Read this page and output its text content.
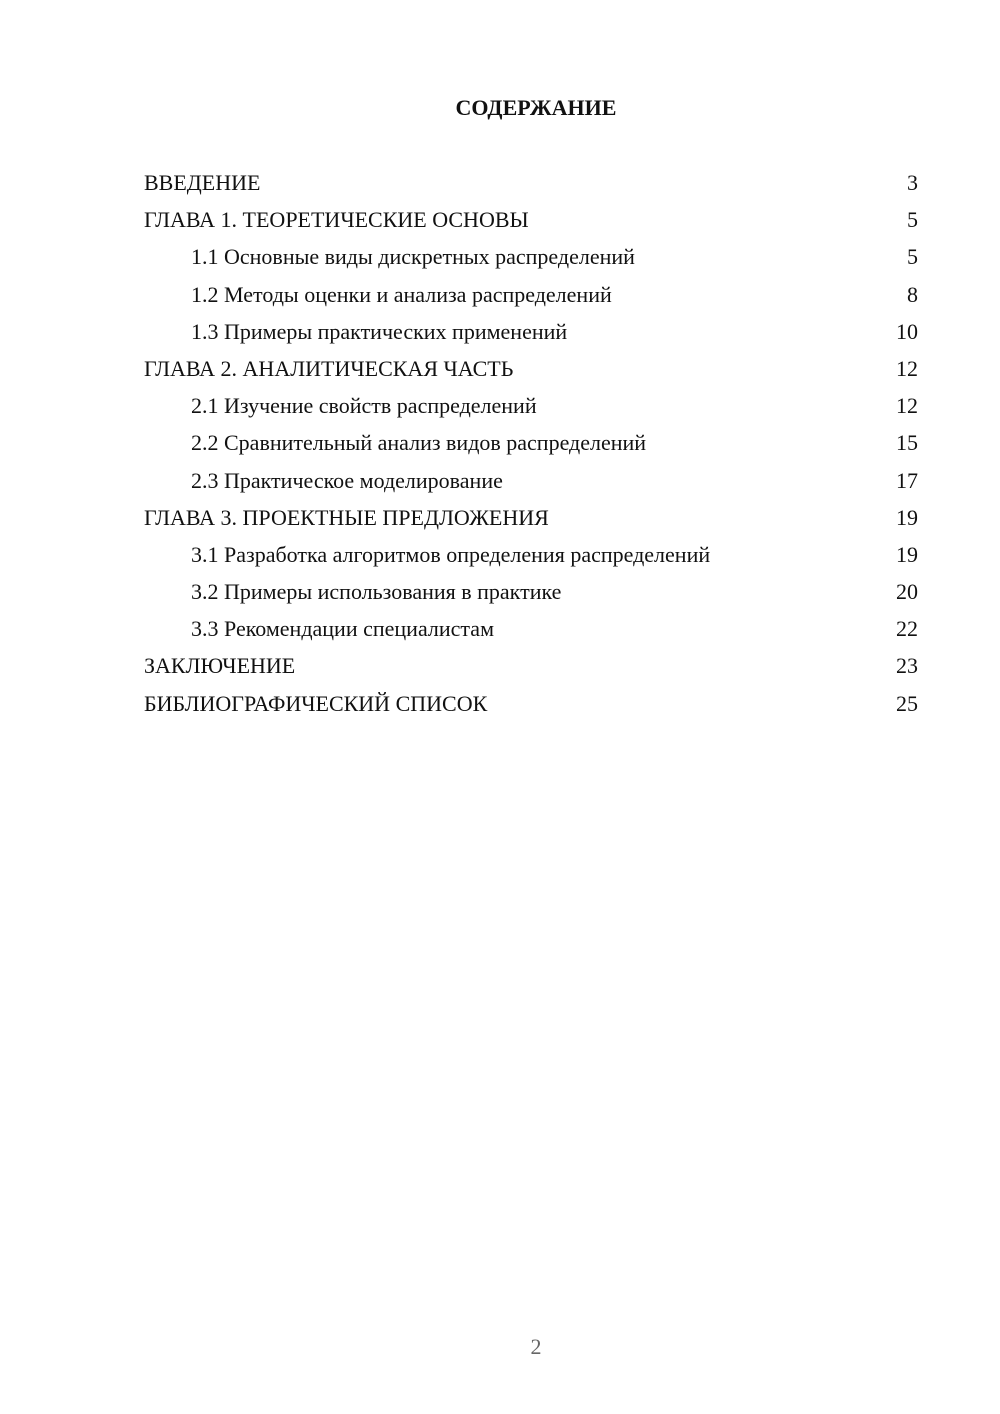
СОДЕРЖАНИЕ
ВВЕДЕНИЕ	3
ГЛАВА 1. ТЕОРЕТИЧЕСКИЕ ОСНОВЫ	5
1.1 Основные виды дискретных распределений	5
1.2 Методы оценки и анализа распределений	8
1.3 Примеры практических применений	10
ГЛАВА 2. АНАЛИТИЧЕСКАЯ ЧАСТЬ	12
2.1 Изучение свойств распределений	12
2.2 Сравнительный анализ видов распределений	15
2.3 Практическое моделирование	17
ГЛАВА 3. ПРОЕКТНЫЕ ПРЕДЛОЖЕНИЯ	19
3.1 Разработка алгоритмов определения распределений	19
3.2 Примеры использования в практике	20
3.3 Рекомендации специалистам	22
ЗАКЛЮЧЕНИЕ	23
БИБЛИОГРАФИЧЕСКИЙ СПИСОК	25
2
